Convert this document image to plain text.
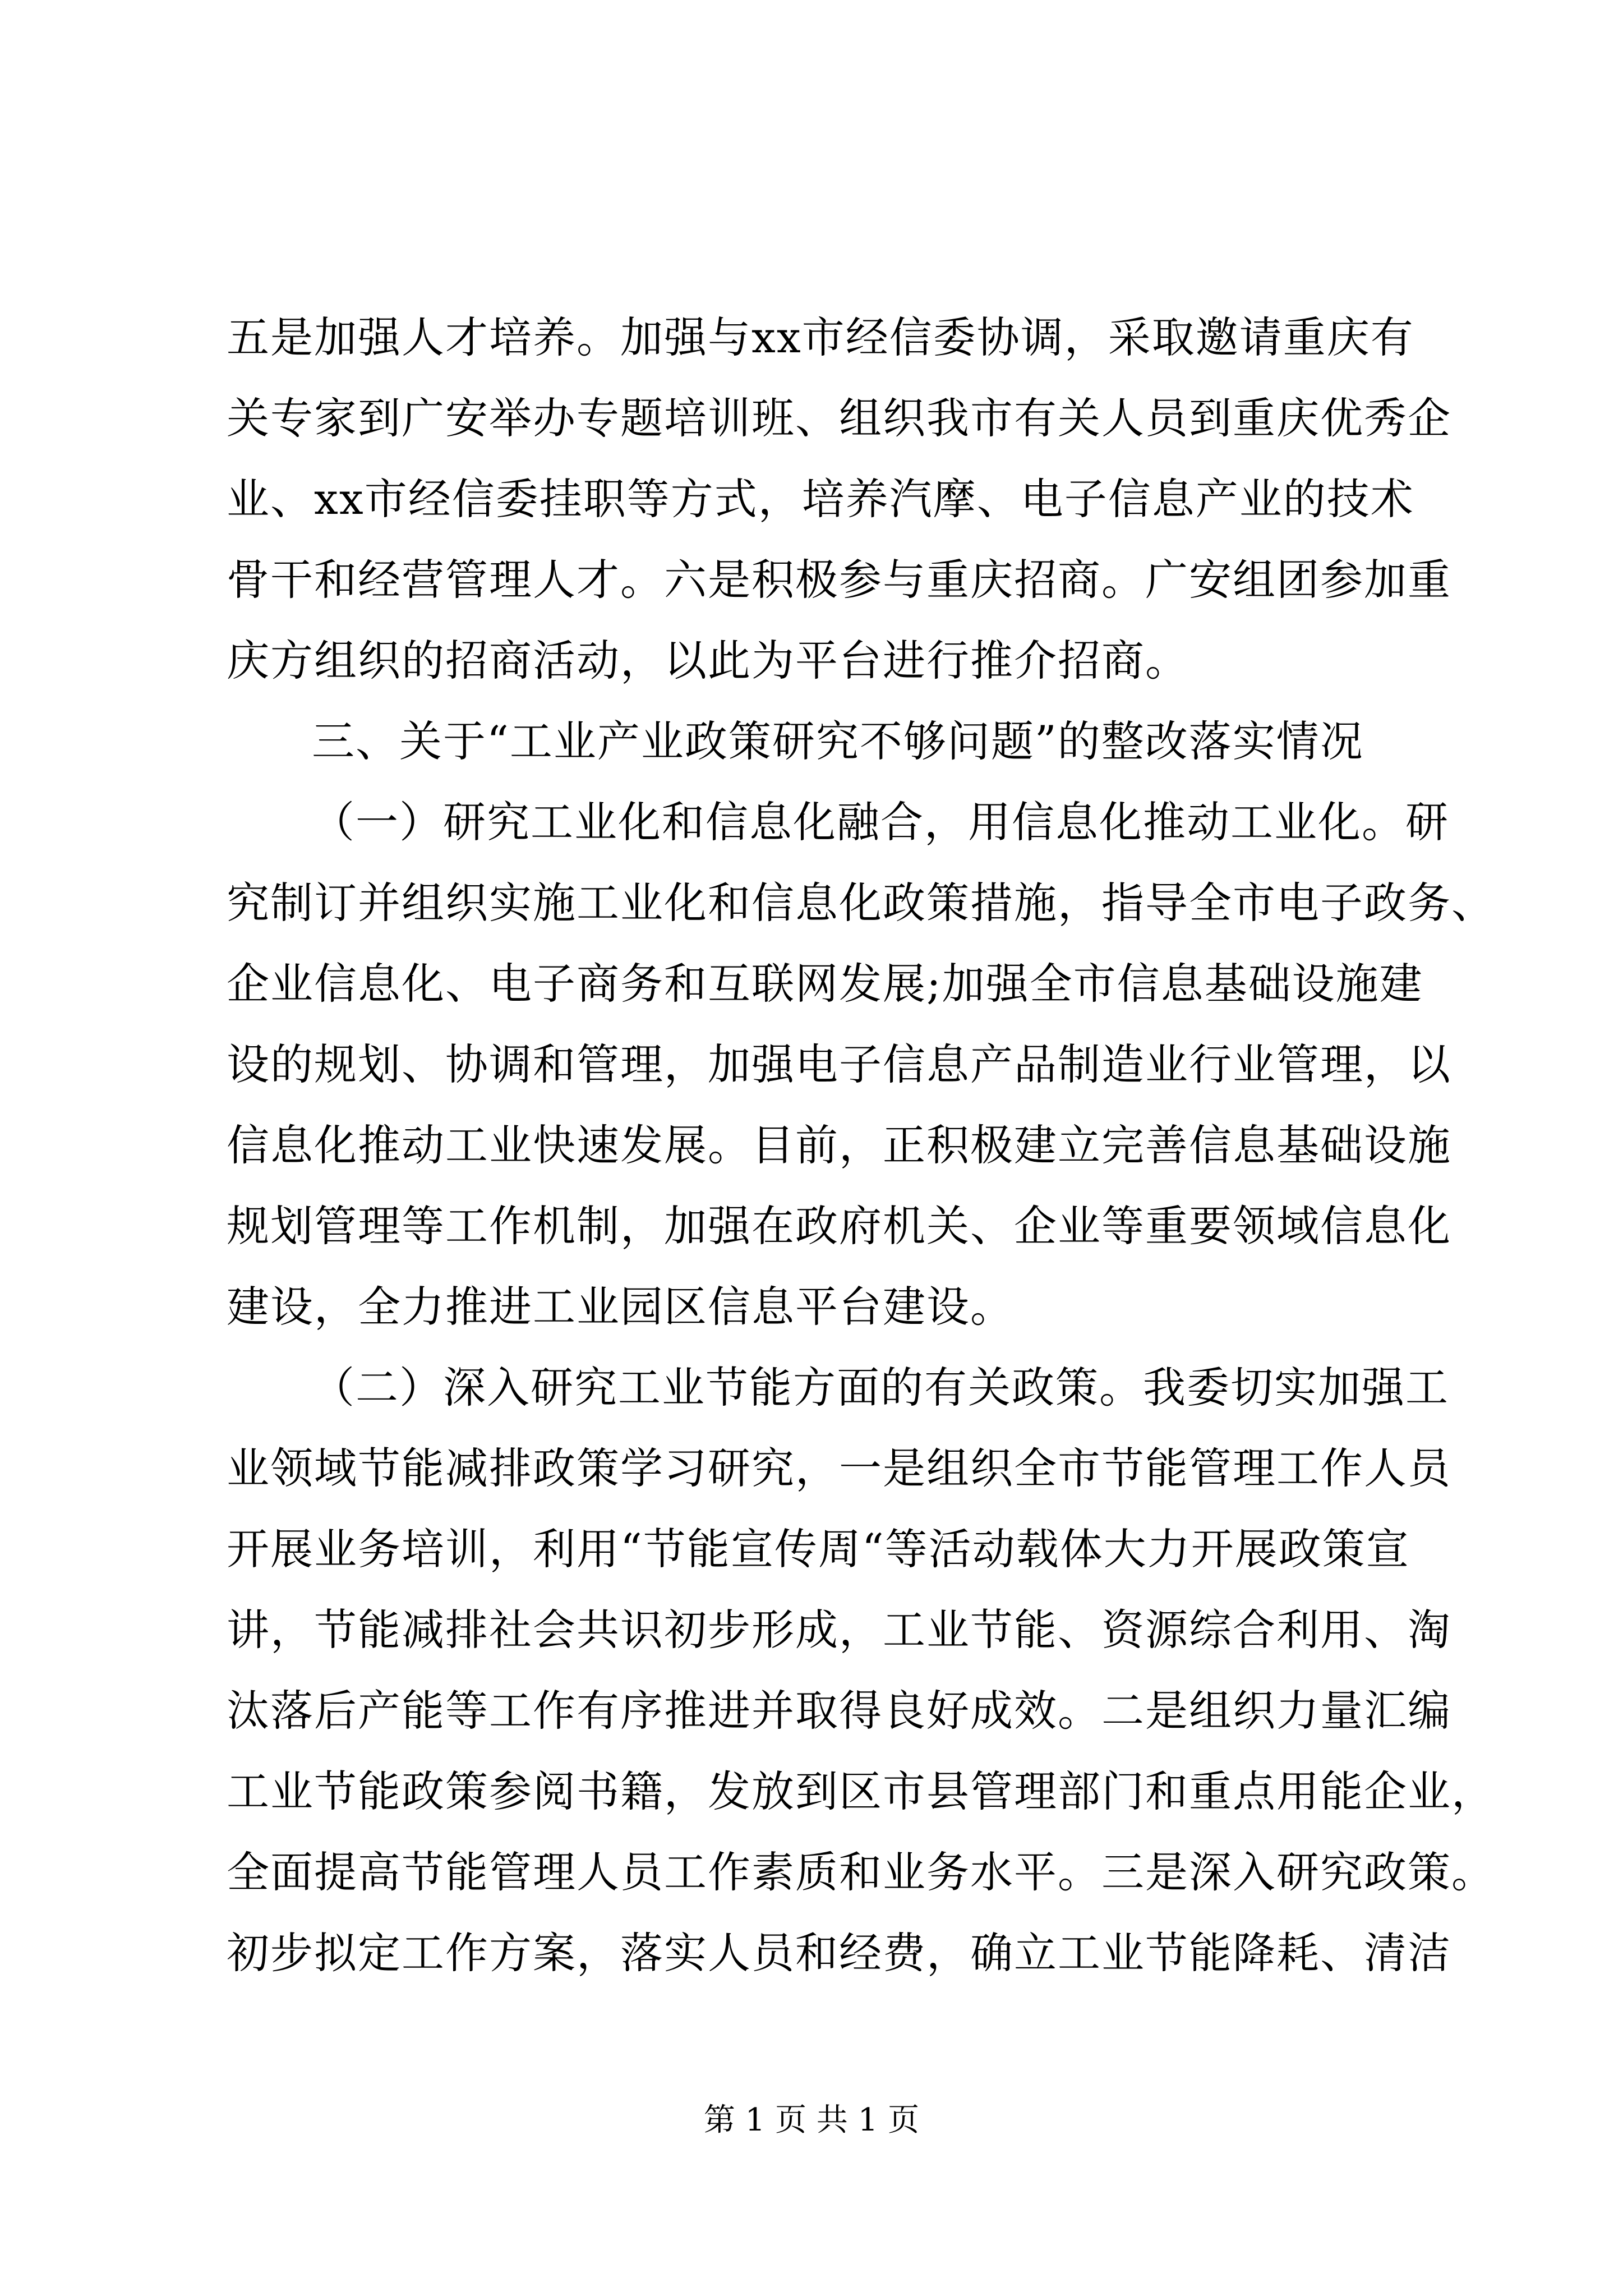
五是加强人才培养。加强与xx市经信委协调，采取邀请重庆有
关专家到广安举办专题培训班、组织我市有关人员到重庆优秀企
业、xx市经信委挂职等方式，培养汽摩、电子信息产业的技术
骨干和经营管理人才。六是积极参与重庆招商。广安组团参加重
庆方组织的招商活动，以此为平台进行推介招商。
三、关于“工业产业政策研究不够问题”的整改落实情况
（一）研究工业化和信息化融合，用信息化推动工业化。研
究制订并组织实施工业化和信息化政策措施，指导全市电子政务、
企业信息化、电子商务和互联网发展;加强全市信息基础设施建
设的规划、协调和管理，加强电子信息产品制造业行业管理，以
信息化推动工业快速发展。目前，正积极建立完善信息基础设施
规划管理等工作机制，加强在政府机关、企业等重要领域信息化
建设，全力推进工业园区信息平台建设。
（二）深入研究工业节能方面的有关政策。我委切实加强工
业领域节能减排政策学习研究，一是组织全市节能管理工作人员
开展业务培训，利用“节能宣传周“等活动载体大力开展政策宣
讲，节能减排社会共识初步形成，工业节能、资源综合利用、淘
汰落后产能等工作有序推进并取得良好成效。二是组织力量汇编
工业节能政策参阅书籍，发放到区市县管理部门和重点用能企业，
全面提高节能管理人员工作素质和业务水平。三是深入研究政策。
初步拟定工作方案，落实人员和经费，确立工业节能降耗、清洁
第 1 页 共 1 页
